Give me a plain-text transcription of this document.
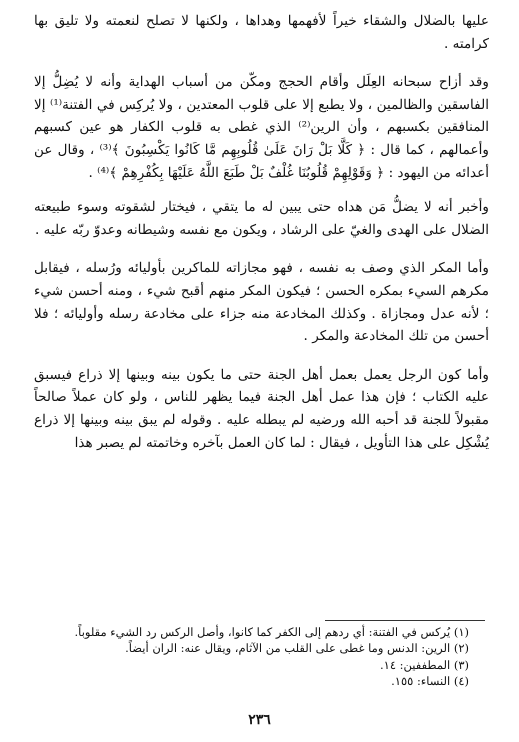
عليها بالضلال والشقاء خيراً لأفهمها وهداها ، ولكنها لا تصلح لنعمته ولا تليق بها كرامته .

وقد أزاح سبحانه العِلَل وأقام الحجج ومكّن من أسباب الهداية وأنه لا يُضِلُّ إلا الفاسقين والظالمين ، ولا يطبع إلا على قلوب المعتدين ، ولا يُركِس في الفتنة⁽¹⁾ إلا المنافقين بكسبهم ، وأن الرين⁽²⁾ الذي غطى به قلوب الكفار هو عين كسبهم وأعمالهم ، كما قال : ﴿ كَلَّا بَلْ رَانَ عَلَىٰ قُلُوبِهِم مَّا كَانُوا يَكْسِبُونَ ﴾⁽³⁾ ، وقال عن أعدائه من اليهود : ﴿ وَقَوْلِهِمْ قُلُوبُنَا غُلْفٌ بَلْ طَبَعَ اللَّهُ عَلَيْهَا بِكُفْرِهِمْ ﴾⁽⁴⁾ .

وأخبر أنه لا يضلُّ مَن هداه حتى يبين له ما يتقي ، فيختار لشقوته وسوء طبيعته الضلال على الهدى والغيّ على الرشاد ، ويكون مع نفسه وشيطانه وعدوّ ربّه عليه .

وأما المكر الذي وصف به نفسه ، فهو مجازاته للماكرين بأوليائه ورُسله ، فيقابل مكرهم السيء بمكره الحسن ؛ فيكون المكر منهم أقبح شيء ، ومنه أحسن شيء ؛ لأنه عدل ومجازاة . وكذلك المخادعة منه جزاء على مخادعة رسله وأوليائه ؛ فلا أحسن من تلك المخادعة والمكر .

وأما كون الرجل يعمل بعمل أهل الجنة حتى ما يكون بينه وبينها إلا ذراع فيسبق عليه الكتاب ؛ فإن هذا عمل أهل الجنة فيما يظهر للناس ، ولو كان عملاً صالحاً مقبولاً للجنة قد أحبه الله ورضيه لم يبطله عليه . وقوله لم يبق بينه وبينها إلا ذراع يُشْكِل على هذا التأويل ، فيقال : لما كان العمل بآخره وخاتمته لم يصبر هذا

(١) يُركس في الفتنة: أي ردهم إلى الكفر كما كانوا، وأصل الركس رد الشيء مقلوباً.
(٢) الرين: الدنس وما غطى على القلب من الآثام، ويقال عنه: الران أيضاً.
(٣) المطففين: ١٤.
(٤) النساء: ١٥٥.
٢٣٦
